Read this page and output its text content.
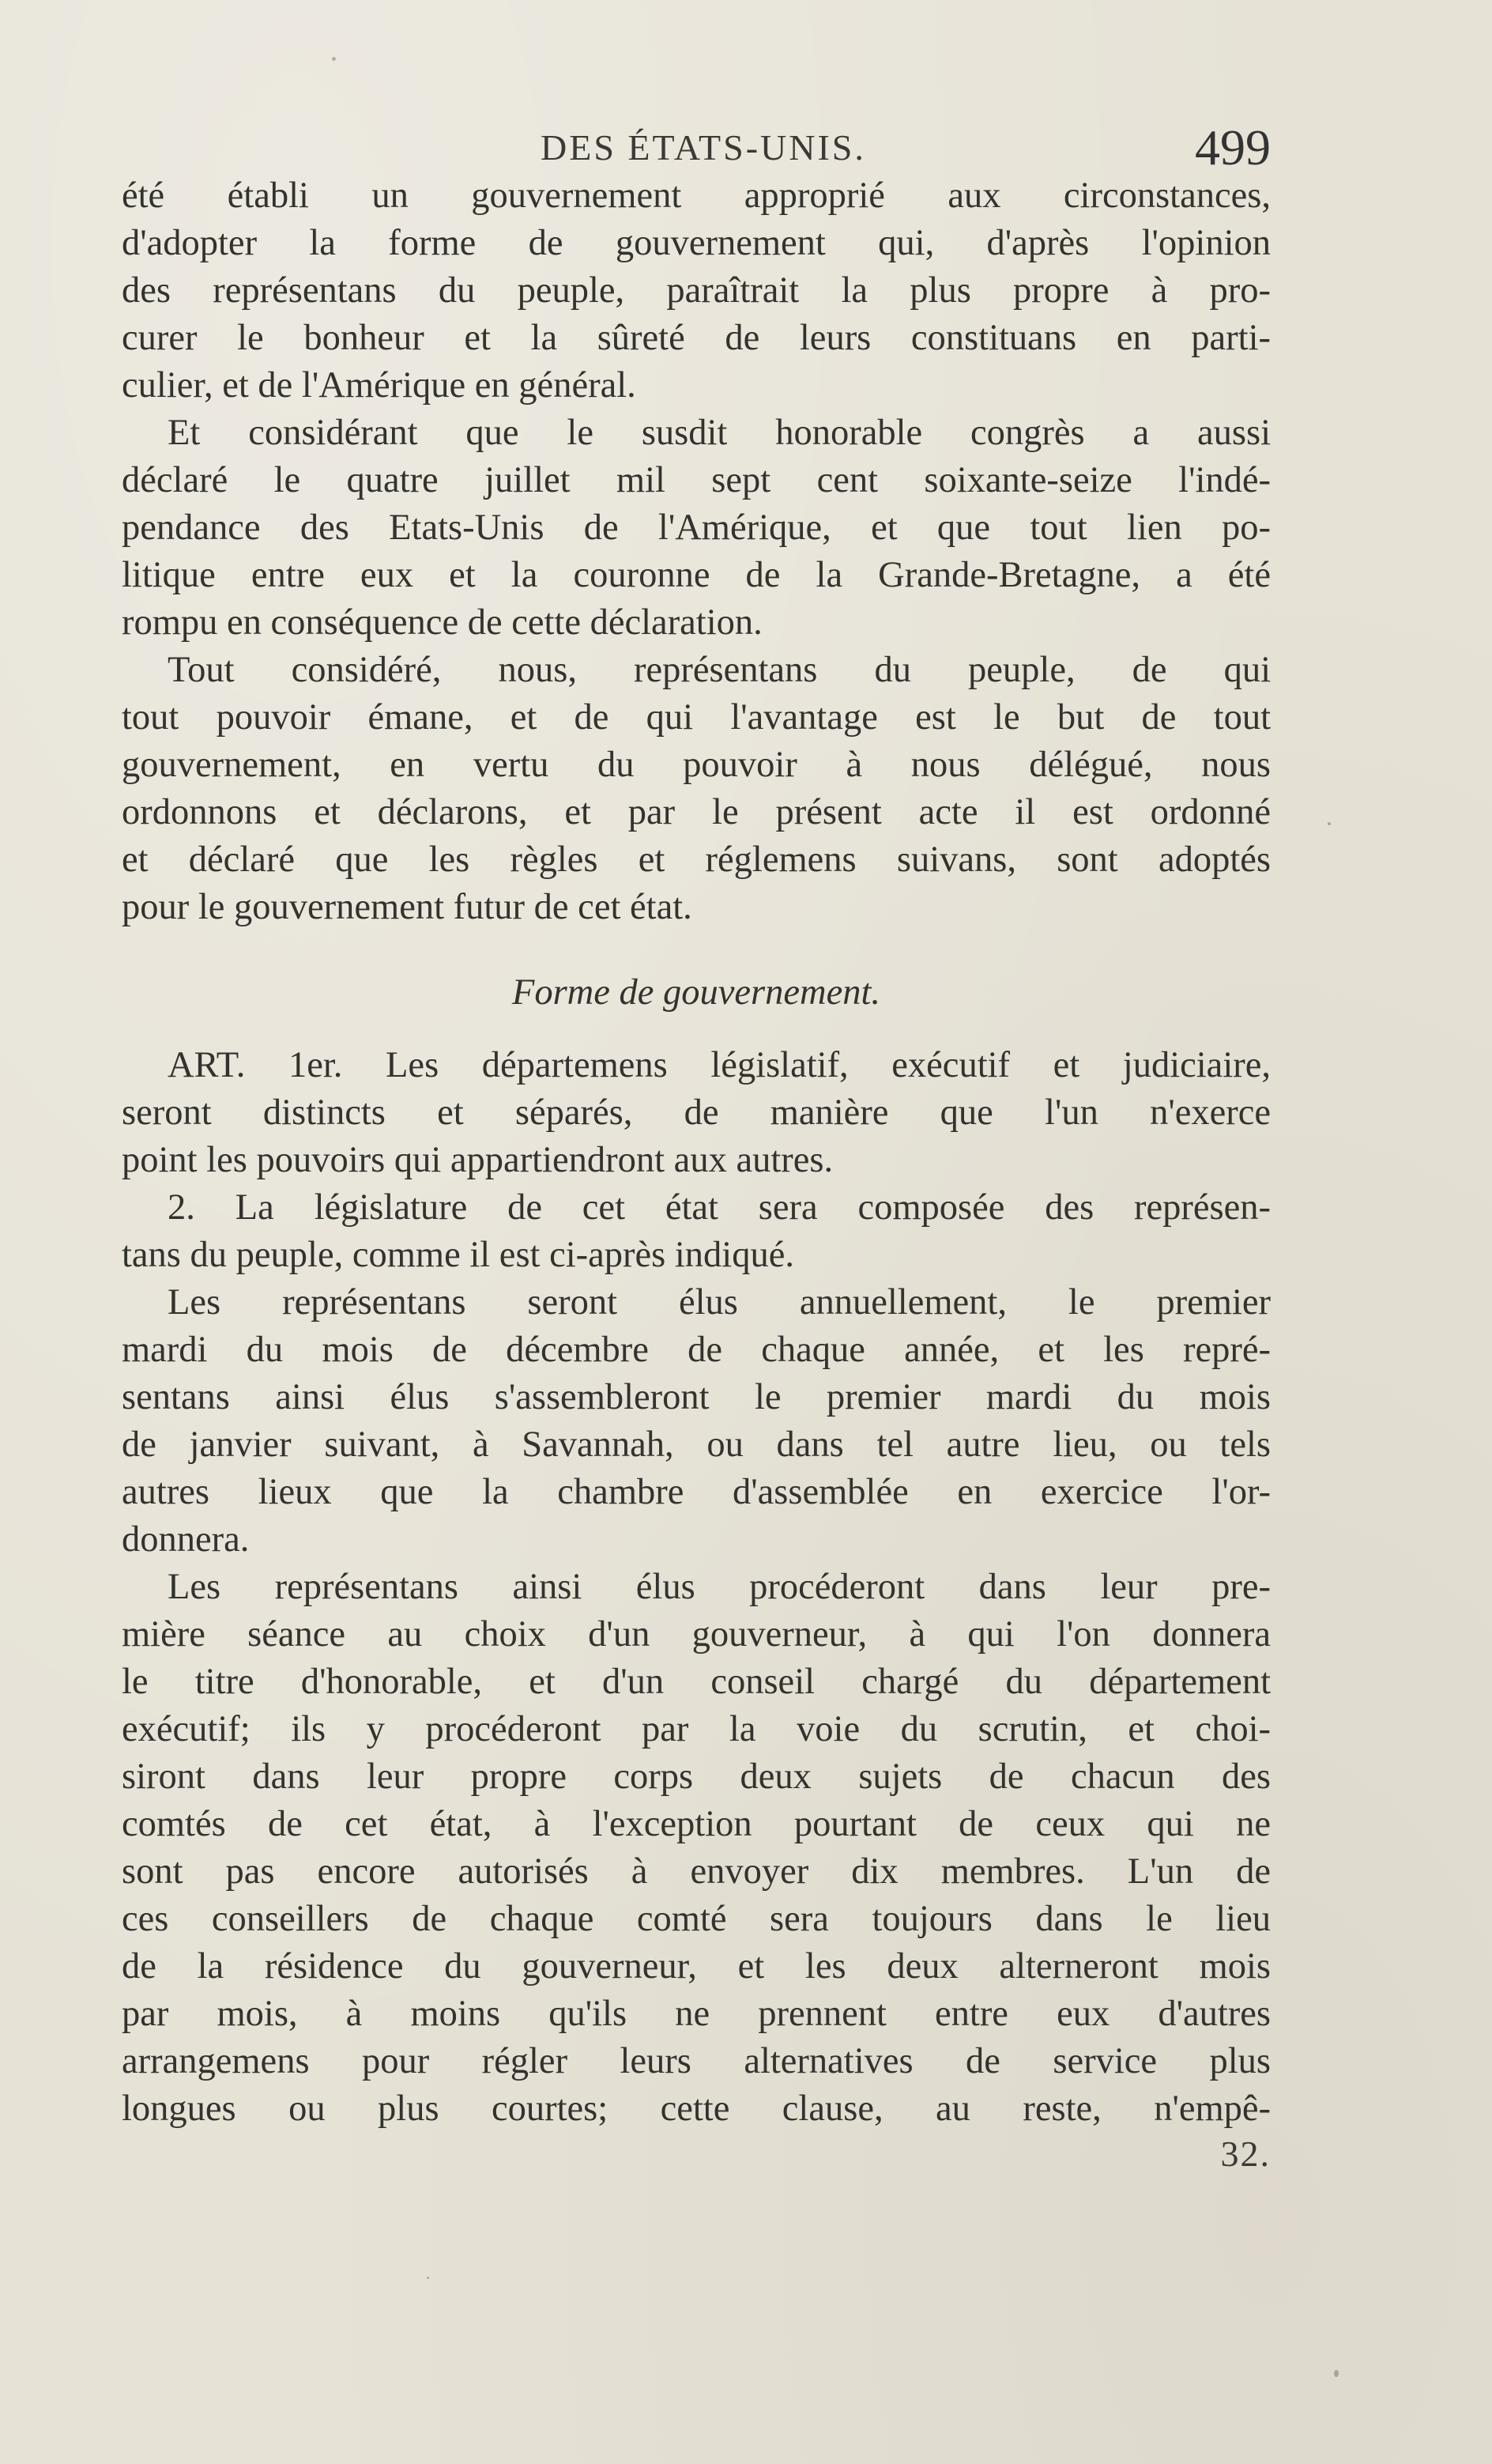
DES ÉTATS-UNIS.	499
été établi un gouvernement approprié aux circonstances,
d'adopter la forme de gouvernement qui, d'après l'opinion
des représentans du peuple, paraîtrait la plus propre à pro-
curer le bonheur et la sûreté de leurs constituans en parti-
culier, et de l'Amérique en général.
Et considérant que le susdit honorable congrès a aussi
déclaré le quatre juillet mil sept cent soixante-seize l'indé-
pendance des Etats-Unis de l'Amérique, et que tout lien po-
litique entre eux et la couronne de la Grande-Bretagne, a été
rompu en conséquence de cette déclaration.
Tout considéré, nous, représentans du peuple, de qui
tout pouvoir émane, et de qui l'avantage est le but de tout
gouvernement, en vertu du pouvoir à nous délégué, nous
ordonnons et déclarons, et par le présent acte il est ordonné
et déclaré que les règles et réglemens suivans, sont adoptés
pour le gouvernement futur de cet état.
Forme de gouvernement.
ART. 1er. Les départemens législatif, exécutif et judiciaire,
seront distincts et séparés, de manière que l'un n'exerce
point les pouvoirs qui appartiendront aux autres.
2. La législature de cet état sera composée des représen-
tans du peuple, comme il est ci-après indiqué.
Les représentans seront élus annuellement, le premier
mardi du mois de décembre de chaque année, et les repré-
sentans ainsi élus s'assembleront le premier mardi du mois
de janvier suivant, à Savannah, ou dans tel autre lieu, ou tels
autres lieux que la chambre d'assemblée en exercice l'or-
donnera.
Les représentans ainsi élus procéderont dans leur pre-
mière séance au choix d'un gouverneur, à qui l'on donnera
le titre d'honorable, et d'un conseil chargé du département
exécutif; ils y procéderont par la voie du scrutin, et choi-
siront dans leur propre corps deux sujets de chacun des
comtés de cet état, à l'exception pourtant de ceux qui ne
sont pas encore autorisés à envoyer dix membres. L'un de
ces conseillers de chaque comté sera toujours dans le lieu
de la résidence du gouverneur, et les deux alterneront mois
par mois, à moins qu'ils ne prennent entre eux d'autres
arrangemens pour régler leurs alternatives de service plus
longues ou plus courtes; cette clause, au reste, n'empê-
32.
